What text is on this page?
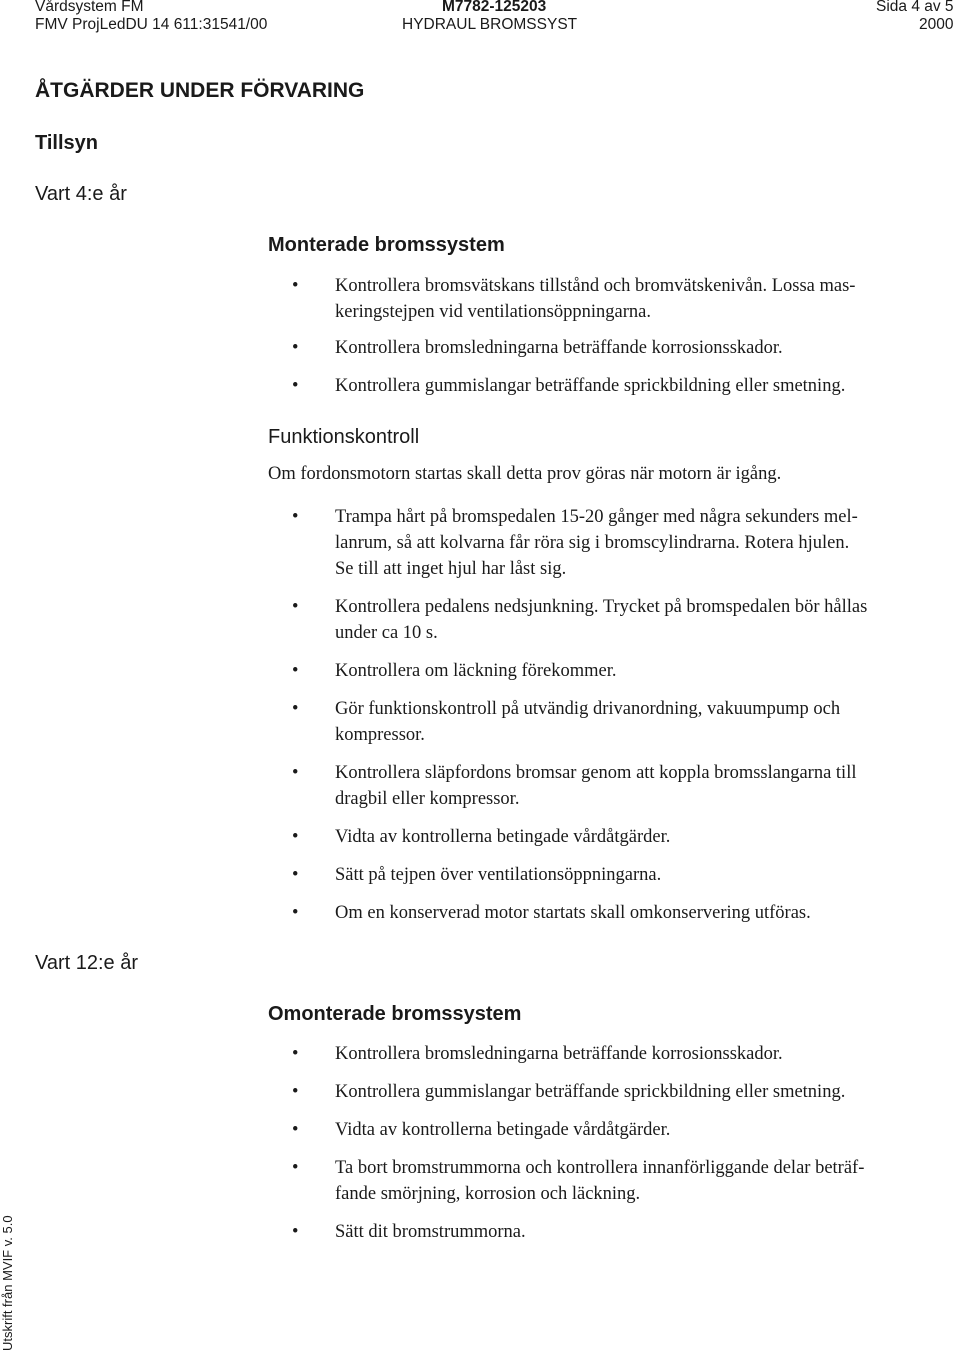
Vårdsystem FM	M7782-125203	Sida 4 av 5
FMV ProjLedDU 14 611:31541/00	HYDRAUL BROMSSYST	2000
ÅTGÄRDER UNDER FÖRVARING
Tillsyn
Vart 4:e år
Vart 12:e år
Monterade bromssystem
• Kontrollera bromsvätskans tillstånd och bromvätskenivån. Lossa mas-
keringstejpen vid ventilationsöppningarna.
• Kontrollera bromsledningarna beträffande korrosionsskador.
• Kontrollera gummislangar beträffande sprickbildning eller smetning.
Funktionskontroll
Om fordonsmotorn startas skall detta prov göras när motorn är igång.
• Trampa hårt på bromspedalen 15-20 gånger med några sekunders mel-
lanrum, så att kolvarna får röra sig i bromscylindrarna. Rotera hjulen.
Se till att inget hjul har låst sig.
• Kontrollera pedalens nedsjunkning. Trycket på bromspedalen bör hållas
under ca 10 s.
• Kontrollera om läckning förekommer.
• Gör funktionskontroll på utvändig drivanordning, vakuumpump och
kompressor.
• Kontrollera släpfordons bromsar genom att koppla bromsslangarna till
dragbil eller kompressor.
• Vidta av kontrollerna betingade vårdåtgärder.
• Sätt på tejpen över ventilationsöppningarna.
• Om en konserverad motor startats skall omkonservering utföras.
Omonterade bromssystem
• Kontrollera bromsledningarna beträffande korrosionsskador.
• Kontrollera gummislangar beträffande sprickbildning eller smetning.
• Vidta av kontrollerna betingade vårdåtgärder.
• Ta bort bromstrummorna och kontrollera innanförliggande delar beträf-
fande smörjning, korrosion och läckning.
• Sätt dit bromstrummorna.
Utskrift från MVIF v. 5.0
